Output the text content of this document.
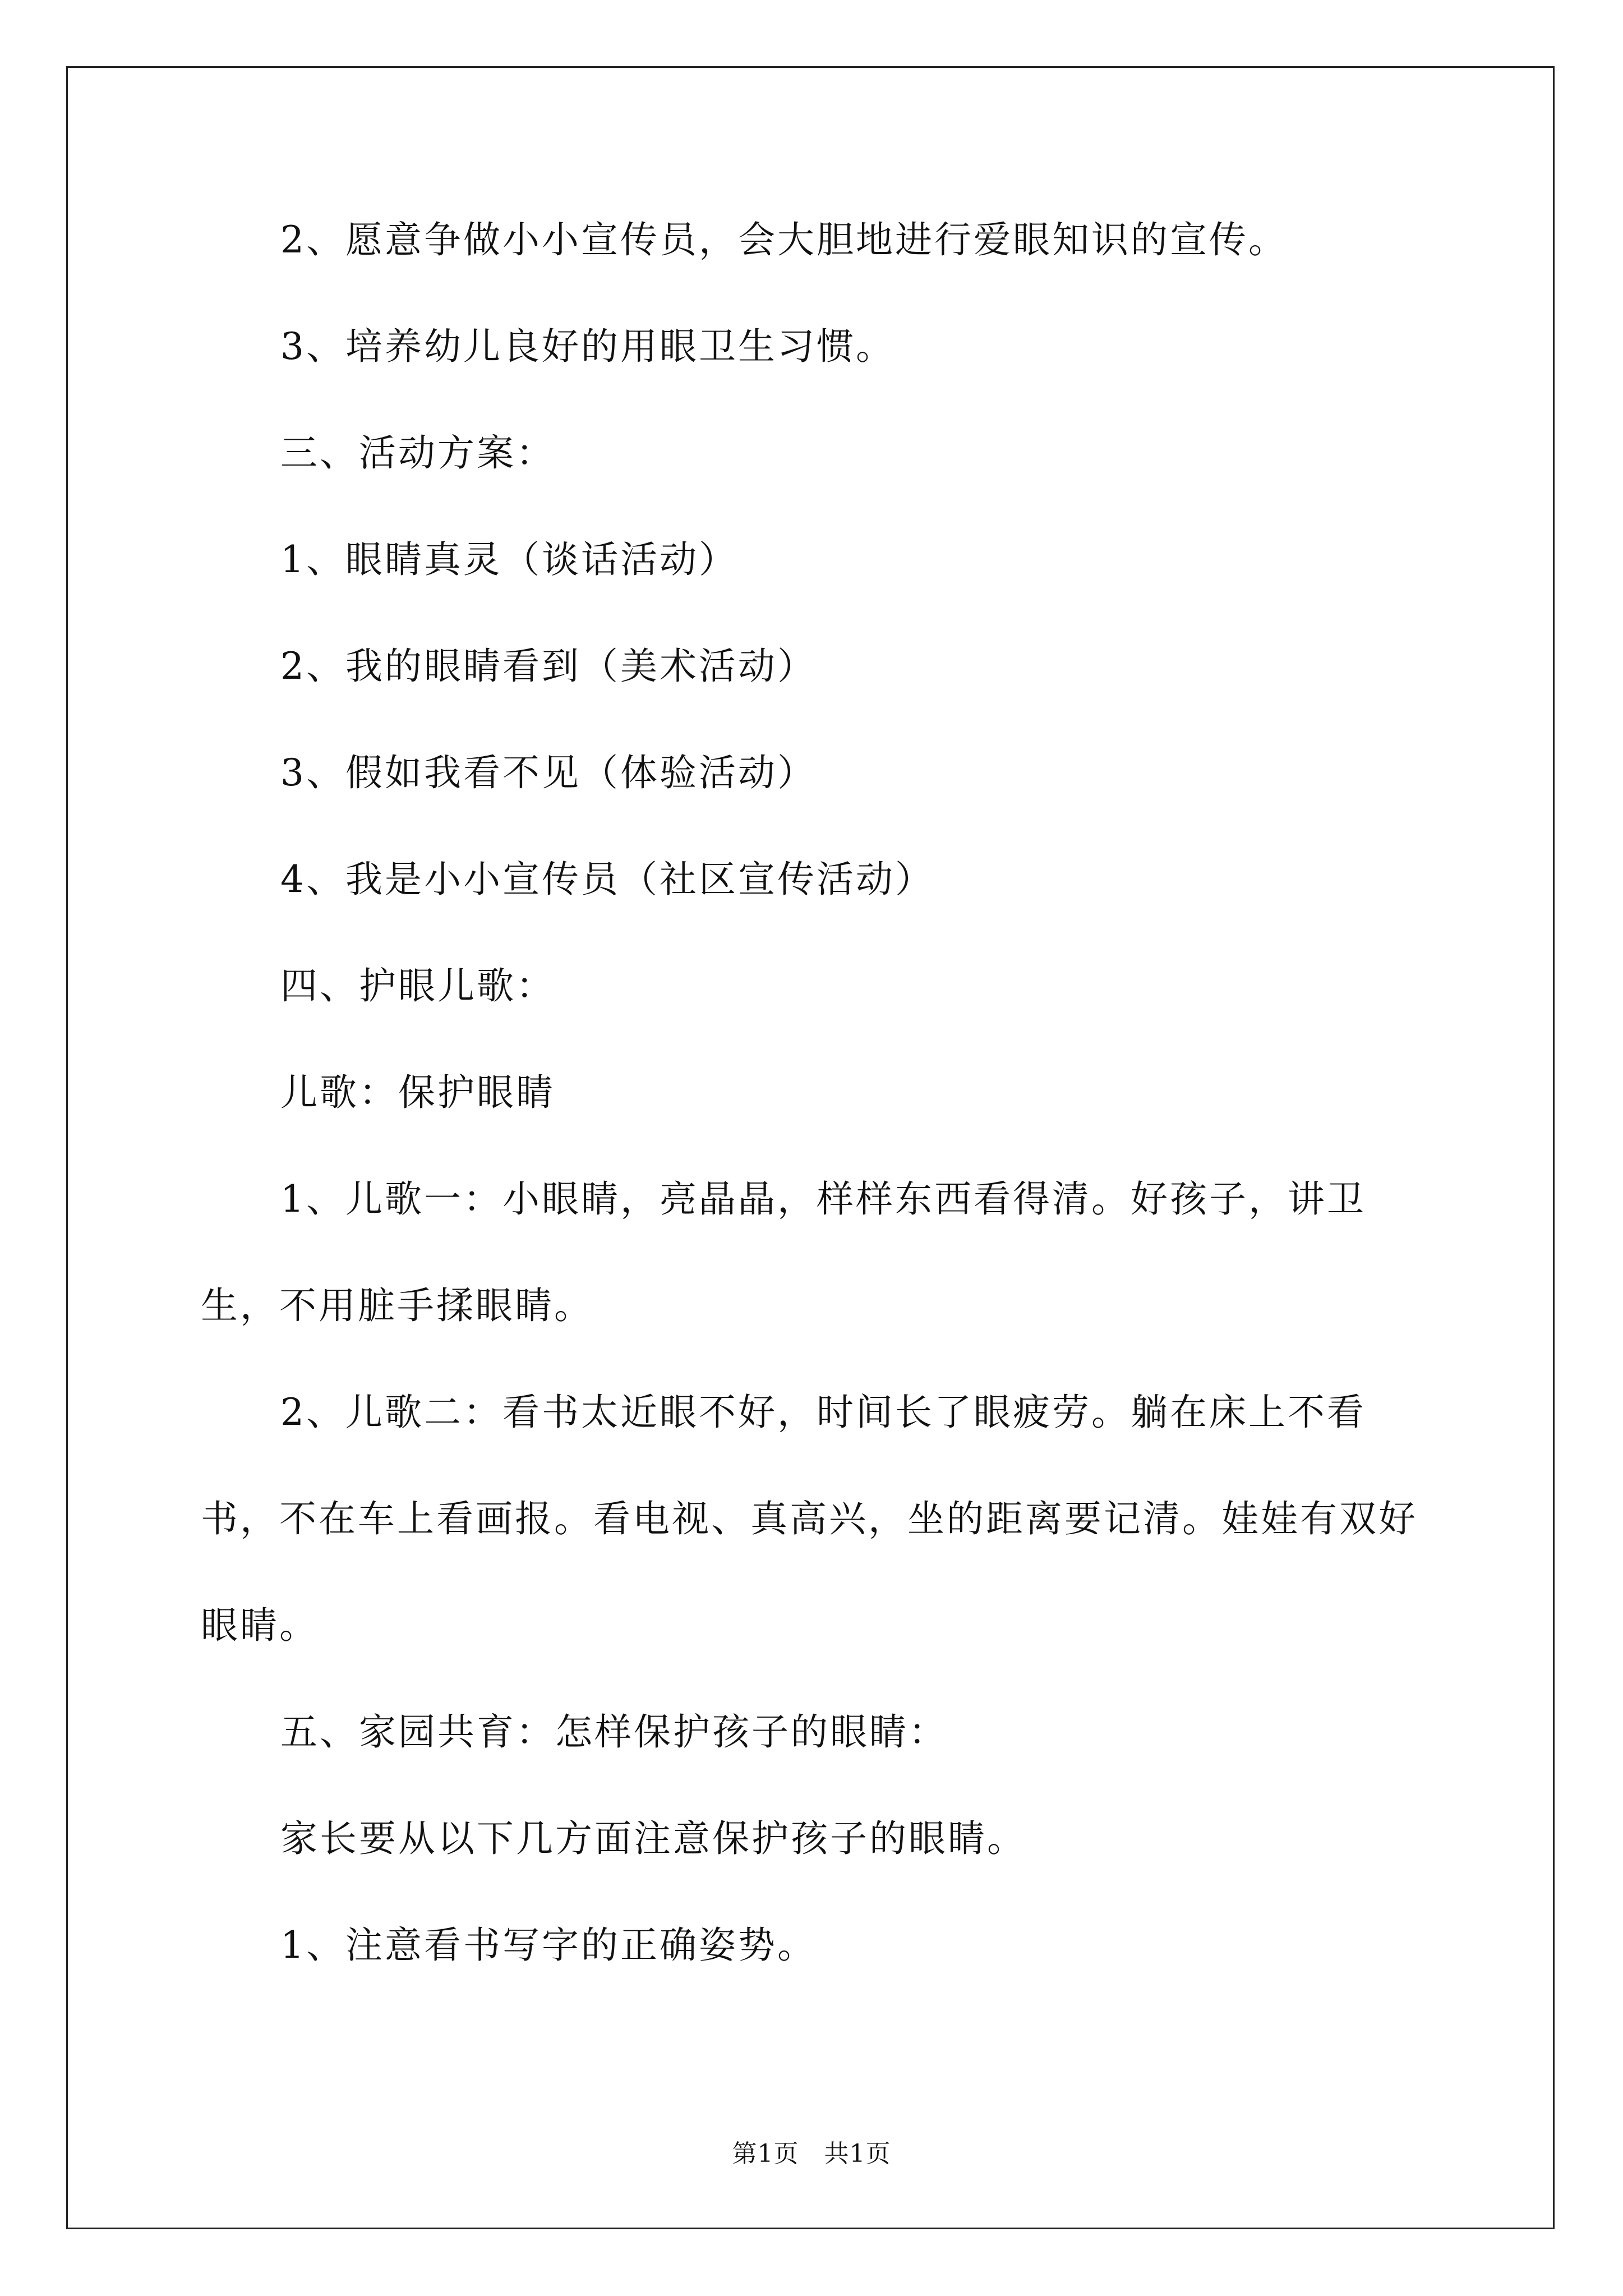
2、愿意争做小小宣传员，会大胆地进行爱眼知识的宣传。

3、培养幼儿良好的用眼卫生习惯。

三、活动方案：

1、眼睛真灵（谈话活动）

2、我的眼睛看到（美术活动）

3、假如我看不见（体验活动）

4、我是小小宣传员（社区宣传活动）

四、护眼儿歌：

儿歌：保护眼睛

1、儿歌一：小眼睛，亮晶晶，样样东西看得清。好孩子，讲卫生，不用脏手揉眼睛。

2、儿歌二：看书太近眼不好，时间长了眼疲劳。躺在床上不看书，不在车上看画报。看电视、真高兴，坐的距离要记清。娃娃有双好眼睛。

五、家园共育：怎样保护孩子的眼睛：

家长要从以下几方面注意保护孩子的眼睛。

1、注意看书写字的正确姿势。

第1页　共1页
